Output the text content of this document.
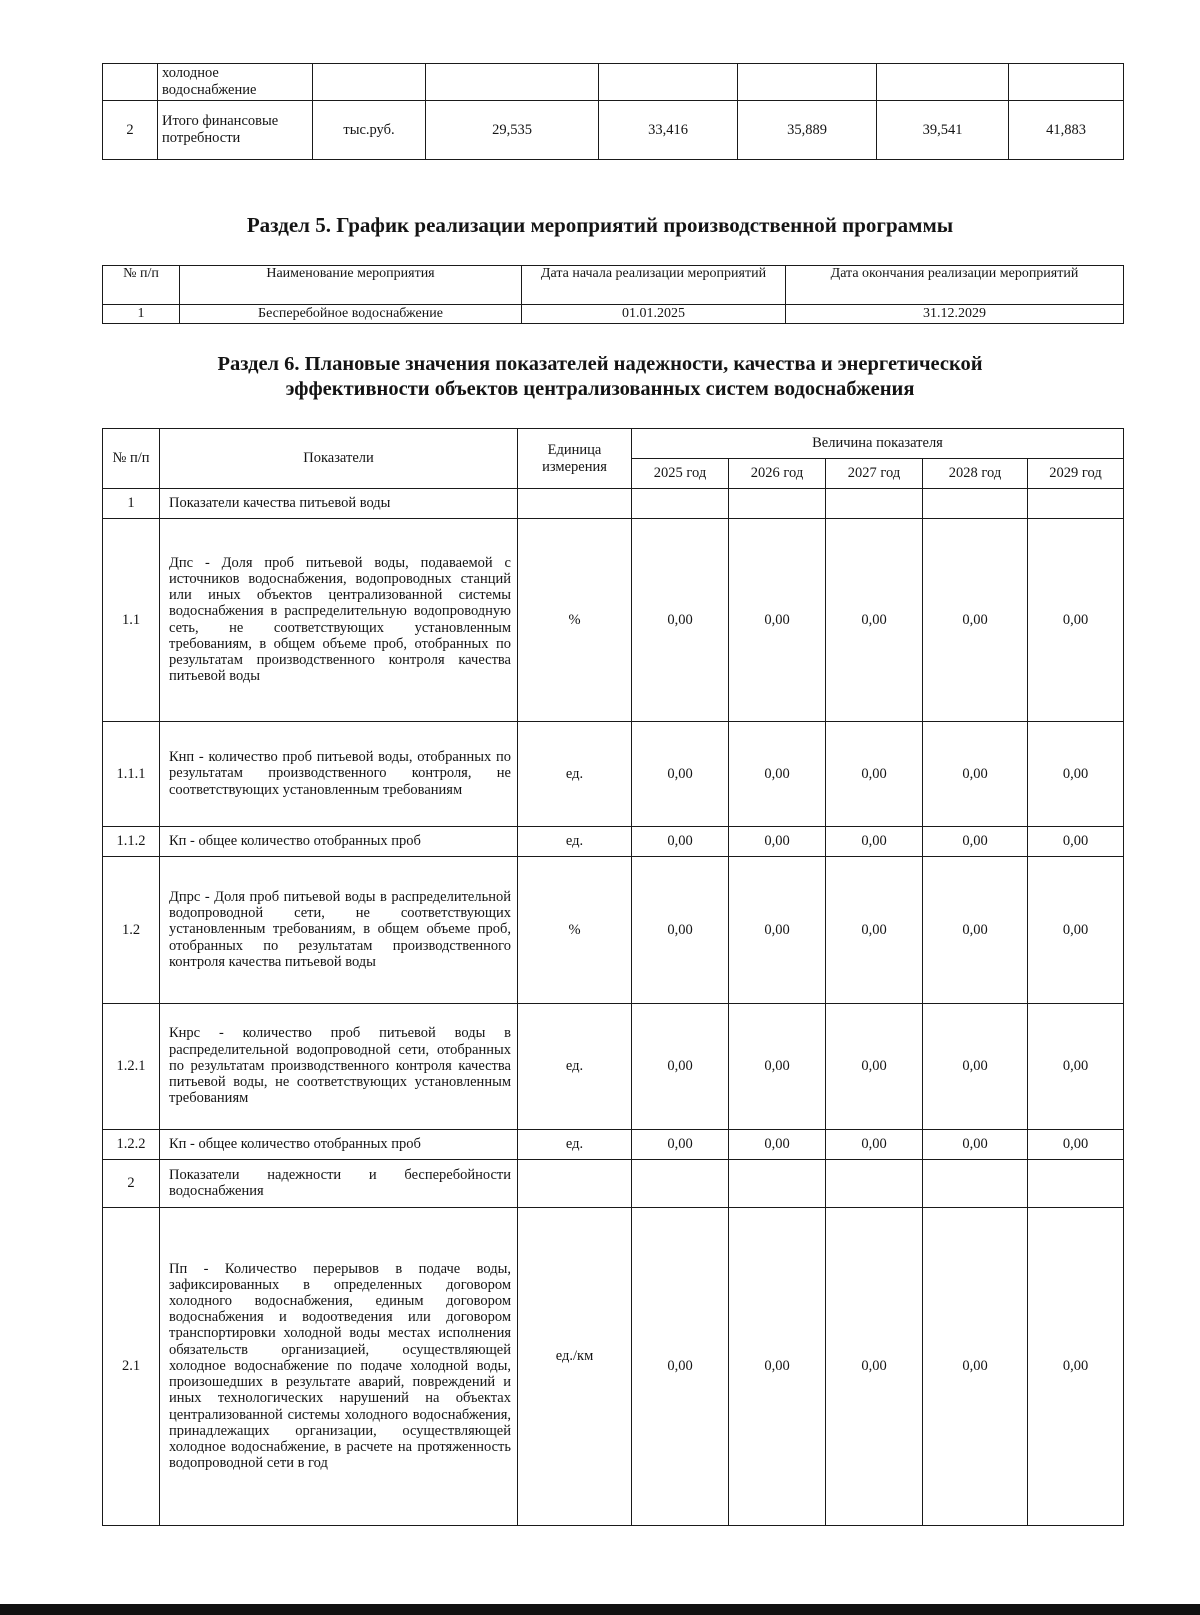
	холодное водоснабжение						
2	Итого финансовые потребности	тыс.руб.	29,535	33,416	35,889	39,541	41,883
Раздел 5. График реализации мероприятий производственной программы
№ п/п	Наименование мероприятия	Дата начала реализации мероприятий	Дата окончания реализации мероприятий
1	Бесперебойное водоснабжение	01.01.2025	31.12.2029
Раздел 6. Плановые значения показателей надежности, качества и энергетической
эффективности объектов централизованных систем водоснабжения
№ п/п	Показатели	Единица измерения	Величина показателя				
			2025 год	2026 год	2027 год	2028 год	2029 год
1	Показатели качества питьевой воды						
1.1	Дпс - Доля проб питьевой воды, подаваемой с источников водоснабжения, водопроводных станций или иных объектов централизованной системы водоснабжения в распределительную водопроводную сеть, не соответствующих установленным требованиям, в общем объеме проб, отобранных по результатам производственного контроля качества питьевой воды	%	0,00	0,00	0,00	0,00	0,00
1.1.1	Кнп - количество проб питьевой воды, отобранных по результатам производственного контроля, не соответствующих установленным требованиям	ед.	0,00	0,00	0,00	0,00	0,00
1.1.2	Кп - общее количество отобранных проб	ед.	0,00	0,00	0,00	0,00	0,00
1.2	Дпрс - Доля проб питьевой воды в распределительной водопроводной сети, не соответствующих установленным требованиям, в общем объеме проб, отобранных по результатам производственного контроля качества питьевой воды	%	0,00	0,00	0,00	0,00	0,00
1.2.1	Кнрс - количество проб питьевой воды в распределительной водопроводной сети, отобранных по результатам производственного контроля качества питьевой воды, не соответствующих установленным требованиям	ед.	0,00	0,00	0,00	0,00	0,00
1.2.2	Кп - общее количество отобранных проб	ед.	0,00	0,00	0,00	0,00	0,00
2	Показатели надежности и бесперебойности водоснабжения						
2.1	Пп - Количество перерывов в подаче воды, зафиксированных в определенных договором холодного водоснабжения, единым договором водоснабжения и водоотведения или договором транспортировки холодной воды местах исполнения обязательств организацией, осуществляющей холодное водоснабжение по подаче холодной воды, произошедших в результате аварий, повреждений и иных технологических нарушений на объектах централизованной системы холодного водоснабжения, принадлежащих организации, осуществляющей холодное водоснабжение, в расчете на протяженность водопроводной сети в год	ед./км	0,00	0,00	0,00	0,00	0,00
